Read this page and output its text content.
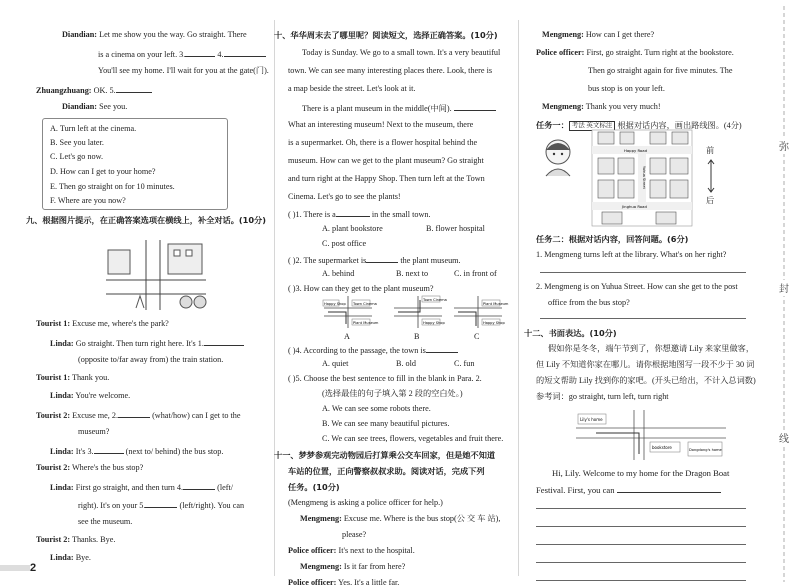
Diandian: Let me show you the way. Go straight. There
is a cinema on your left. 3.	4.
You'll see my home. I'll wait for you at the gate(门).
Zhuangzhuang: OK. 5.
Diandian: See you.
A. Turn left at the cinema.
B. See you later.
C. Let's go now.
D. How can I get to your home?
E. Then go straight on for 10 minutes.
F. Where are you now?
九、根据图片提示，在正确答案选项在横线上，补全对话。(10分)
Tourist 1: Excuse me, where's the park?
Linda: Go straight. Then turn right here. It's 1.
(opposite to/far away from) the train station.
Tourist 1: Thank you.
Linda: You're welcome.
Tourist 2: Excuse me, 2.	(what/how) can I get to the
museum?
Linda: It's 3.	(next to/ behind) the bus stop.
Tourist 2: Where's the bus stop?
Linda: First go straight, and then turn 4.	(left/
right). It's on your 5.	(left/right). You can
see the museum.
Tourist 2: Thanks. Bye.
Linda: Bye.
十、华华周末去了哪里呢？阅读短文，选择正确答案。(10分)
Today is Sunday. We go to a small town. It's a very beautiful
town. We can see many interesting places there. Look, there is
a map beside the street. Let's look at it.
There is a plant museum in the middle(中间).
What an interesting museum! Next to the museum, there
is a supermarket. Oh, there is a flower hospital behind the
museum. How can we get to the plant museum? Go straight
and turn right at the Happy Shop. Then turn left at the Town
Cinema. Let's go to see the plants!
( )1. There is a	in the small town.
A. plant bookstore	B. flower hospital
C. post office
( )2. The supermarket is	the plant museum.
A. behind	B. next to	C. in front of
( )3. How can they get to the plant museum?
Happy Shop Town Cinema
Plant Museum
Town Cinema
Happy Shop
Plant Museum
Happy Shop
A	B	C
( )4. According to the passage, the town is
A. quiet	B. old	C. fun
( )5. Choose the best sentence to fill in the blank in Para. 2.
(选择最佳的句子填入第 2 段的空白处。)
A. We can see some robots there.
B. We can see many beautiful pictures.
C. We can see trees, flowers, vegetables and fruit there.
十一、梦梦参观完动物园后打算乘公交车回家，但是她不知道
车站的位置，正向警察叔叔求助。阅读对话，完成下列
任务。(10分)
(Mengmeng is asking a police officer for help.)
Mengmeng: Excuse me. Where is the bus stop(公 交 车 站),
please?
Police officer: It's next to the hospital.
Mengmeng: Is it far from here?
Police officer: Yes. It's a little far.
Mengmeng: How can I get there?
Police officer: First, go straight. Turn right at the bookstore.
Then go straight again for five minutes. The
bus stop is on your left.
Mengmeng: Thank you very much!
任务一： 考法 英文标注 根据对话内容，画出路线图。(4分)
Happy Road
Jinghua Road
Yuhua Street
前
后
任务二：根据对话内容，回答问题。(6分)
1. Mengmeng turns left at the library. What's on her right?
2. Mengmeng is on Yuhua Street. How can she get to the post
office from the bus stop?
十二、书面表达。(10分)
假如你是冬冬，端午节到了，你想邀请 Lily 来家里做客，
但 Lily 不知道你家在哪儿。请你根据地图写一段不少于 30 词
的短文帮助 Lily 找到你的家吧。(开头已给出，不计入总词数)
参考词：go straight, turn left, turn right
Lily's home
bookstore	Dongdong's home
Hi, Lily. Welcome to my home for the Dragon Boat
Festival. First, you can
弥
封
线
2
